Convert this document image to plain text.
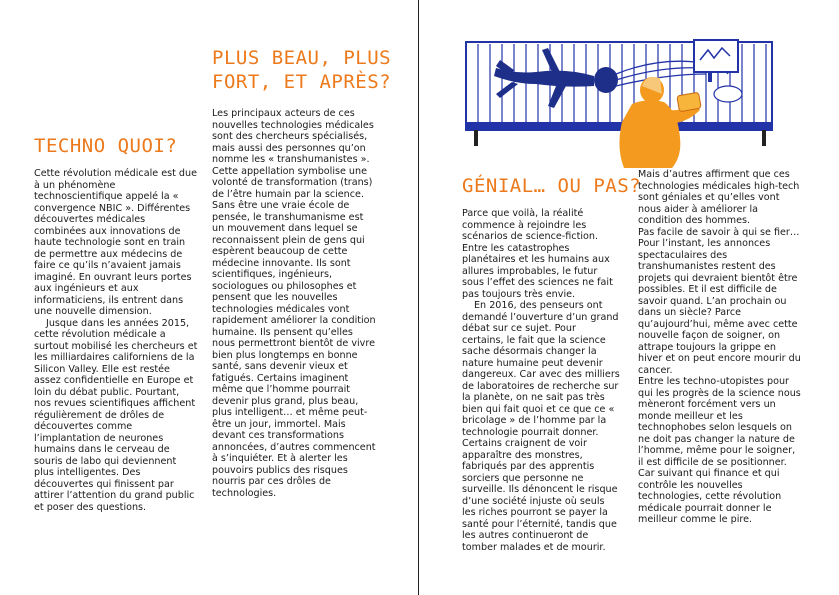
TECHNO QUOI?
PLUS BEAU, PLUS
FORT, ET APRÈS?

Cette révolution médicale est due à un phénomène technoscientifique appelé la « convergence NBIC ». Différentes découvertes médicales combinées aux innovations de haute technologie sont en train de permettre aux médecins de faire ce qu’ils n’avaient jamais imaginé. En ouvrant leurs portes aux ingénieurs et aux informaticiens, ils entrent dans une nouvelle dimension.

Jusque dans les années 2015, cette révolution médicale a surtout mobilisé les chercheurs et les milliardaires californiens de la Silicon Valley. Elle est restée assez confidentielle en Europe et loin du débat public. Pourtant, nos revues scientifiques affichent régulièrement de drôles de découvertes comme l’implantation de neurones humains dans le cerveau de souris de labo qui deviennent plus intelligentes. Des découvertes qui finissent par attirer l’attention du grand public et poser des questions.

Les principaux acteurs de ces nouvelles technologies médicales sont des chercheurs spécialisés, mais aussi des personnes qu’on nomme les « transhumanistes ». Cette appellation symbolise une volonté de transformation (trans) de l’être humain par la science. Sans être une vraie école de pensée, le transhumanisme est un mouvement dans lequel se reconnaissent plein de gens qui espèrent beaucoup de cette médecine innovante. Ils sont scientifiques, ingénieurs, sociologues ou philosophes et pensent que les nouvelles technologies médicales vont rapidement améliorer la condition humaine. Ils pensent qu’elles nous permettront bientôt de vivre bien plus longtemps en bonne santé, sans devenir vieux et fatigués. Certains imaginent même que l’homme pourrait devenir plus grand, plus beau, plus intelligent… et même peut-être un jour, immortel. Mais devant ces transformations annoncées, d’autres commencent à s’inquiéter. Et à alerter les pouvoirs publics des risques nourris par ces drôles de technologies.

GÉNIAL… OU PAS?

Parce que voilà, la réalité commence à rejoindre les scénarios de science-fiction. Entre les catastrophes planétaires et les humains aux allures improbables, le futur sous l’effet des sciences ne fait pas toujours très envie.

En 2016, des penseurs ont demandé l’ouverture d’un grand débat sur ce sujet. Pour certains, le fait que la science sache désormais changer la nature humaine peut devenir dangereux. Car avec des milliers de laboratoires de recherche sur la planète, on ne sait pas très bien qui fait quoi et ce que ce « bricolage » de l’homme par la technologie pourrait donner. Certains craignent de voir apparaître des monstres, fabriqués par des apprentis sorciers que personne ne surveille. Ils dénoncent le risque d’une société injuste où seuls les riches pourront se payer la santé pour l’éternité, tandis que les autres continueront de tomber malades et de mourir.

Mais d’autres affirment que ces technologies médicales high-tech sont géniales et qu’elles vont nous aider à améliorer la condition des hommes.

Pas facile de savoir à qui se fier… Pour l’instant, les annonces spectaculaires des transhumanistes restent des projets qui devraient bientôt être possibles. Et il est difficile de savoir quand. L’an prochain ou dans un siècle? Parce qu’aujourd’hui, même avec cette nouvelle façon de soigner, on attrape toujours la grippe en hiver et on peut encore mourir du cancer.

Entre les techno-utopistes pour qui les progrès de la science nous mèneront forcément vers un monde meilleur et les technophobes selon lesquels on ne doit pas changer la nature de l’homme, même pour le soigner, il est difficile de se positionner. Car suivant qui finance et qui contrôle les nouvelles technologies, cette révolution médicale pourrait donner le meilleur comme le pire.
